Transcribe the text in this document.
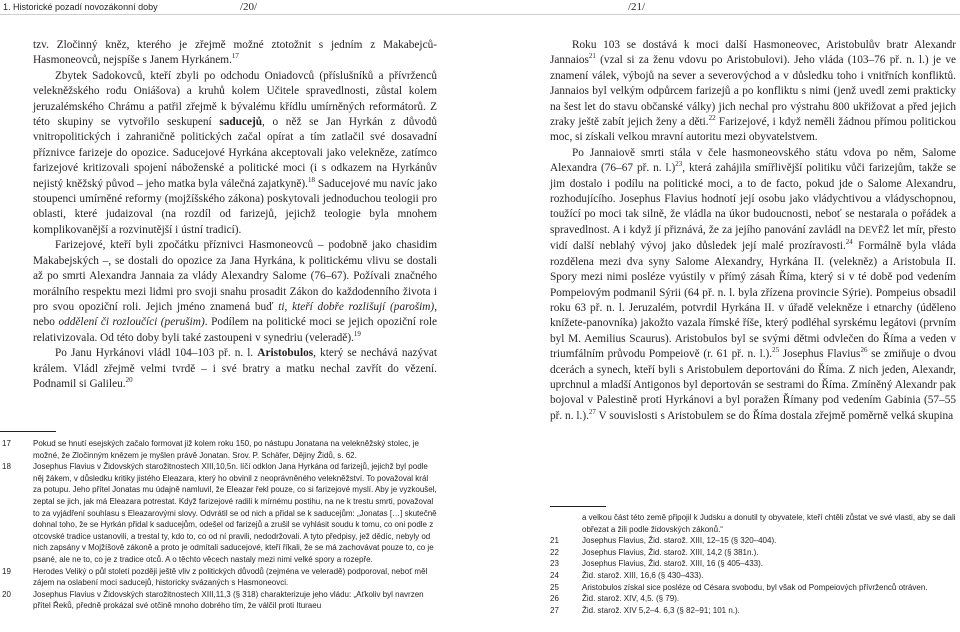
1. Historické pozadí novozákonní doby	/20/	/21/

tzv. Zločinný kněz, kterého je zřejmě možné ztotožnit s jedním z Makabejců-Hasmoneovců, nejspíše s Janem Hyrkánem.$^{17}$

Zbytek Sadokovců, kteří zbyli po odchodu Oniadovců (příslušníků a přívrženců velekněžského rodu Oniášova) a kruhů kolem Učitele spravedlnosti, zůstal kolem jeruzalémského Chrámu a patřil zřejmě k bývalému křídlu umírněných reformátorů. Z této skupiny se vytvořilo seskupení saducejů, o něž se Jan Hyrkán z důvodů vnitropolitických i zahraničně politických začal opírat a tím zatlačil své dosavadní příznivce farizeje do opozice. Saducejové Hyrkána akceptovali jako velekněze, zatímco farizejové kritizovali spojení náboženské a politické moci (i s odkazem na Hyrkánův nejistý kněžský původ – jeho matka byla válečná zajatkyně).$^{18}$ Saducejové mu navíc jako stoupenci umírněné reformy (mojžíšského zákona) poskytovali jednoduchou teologii pro oblasti, které judaizoval (na rozdíl od farizejů, jejichž teologie byla mnohem komplikovanější a rozvinutější i ústní tradicí).

Farizejové, kteří byli zpočátku příznivci Hasmoneovců – podobně jako chasidim Makabejských –, se dostali do opozice za Jana Hyrkána, k politickému vlivu se dostali až po smrti Alexandra Jannaia za vlády Alexandry Salome (76–67). Požívali značného morálního respektu mezi lidmi pro svoji snahu prosadit Zákon do každodenního života i pro svou opoziční roli. Jejich jméno znamená buď ti, kteří dobře rozlišují (parošim), nebo oddělení či rozloučíci (perušim). Podílem na politické moci se jejich opoziční role relativizovala. Od této doby byli také zastoupeni v synedriu (veleradě).$^{19}$

Po Janu Hyrkánovi vládl 104–103 př. n. l. Aristobulos, který se nechává nazývat králem. Vládl zřejmě velmi tvrdě – i své bratry a matku nechal zavřít do vězení. Podnamil si Galileu.$^{20}$

17	Pokud se hnutí esejských začalo formovat již kolem roku 150, po nástupu Jonatana na velekněžský stolec, je možné, že Zločinným knězem je myšlen právě Jonatan. Srov. P. Schäfer, Dějiny Židů, s. 62.
18	Josephus Flavius v Židovských starožitnostech XIII,10,5n. líčí odklon Jana Hyrkána od farizejů, jejichž byl podle něj žákem, v důsledku kritiky jistého Eleazara, který ho obvinil z neoprávněného velekněžství. To považoval král za potupu. Jeho přítel Jonatas mu údajně namluvil, že Eleazar řekl pouze, co si farizejové myslí. Aby je vyzkoušel, zeptal se jich, jak má Eleazara potrestat. Když farizejové radili k mírnému postihu, na ne k trestu smrti, považoval to za vyjádření souhlasu s Eleazarovými slovy. Odvrátil se od nich a přidal se k saducejům: „Jonatas […] skutečně dohnal toho, že se Hyrkán přidal k saducejům, odešel od farizejů a zrušil se vyhlásit soudu k tomu, co oni podle z otcovské tradice ustanovili, a trestal ty, kdo to, co od ní pravili, nedodržovali. A tyto předpisy, jež dědíc, nebyly od nich zapsány v Mojžíšově zákoně a proto je odmítali saducejové, kteří říkali, že se má zachovávat pouze to, co je psané, ale ne to, co je z tradice otců. A o těchto věcech nastaly mezi nimi velké spory a rozepře.
19	Herodes Veliký o půl století později ještě vliv z politických důvodů (zejména ve veleradě) podporoval, neboť měl zájem na oslabení moci saducejů, historicky svázaných s Hasmoneovci.
20	Josephus Flavius v Židovských starožitnostech XIII,11,3 (§ 318) charakterizuje jeho vládu: „Aťkoliv byl navrzen přítel Řeků, předně prokázal své otčině mnoho dobrého tím, že válčil proti Ituraeu

Roku 103 se dostává k moci další Hasmoneovec, Aristobulův bratr Alexandr Jannaios$^{21}$ (vzal si za ženu vdovu po Aristobulovi). Jeho vláda (103–76 př. n. l.) je ve znamení válek, výbojů na sever a severovýchod a v důsledku toho i vnitřních konfliktů. Jannaios byl velkým odpůrcem farizejů a po konfliktu s nimi (jenž uvedl zemi prakticky na šest let do stavu občanské války) jich nechal pro výstrahu 800 ukřižovat a před jejich zraky ještě zabít jejich ženy a děti.$^{22}$ Farizejové, i když neměli žádnou přímou politickou moc, si získali velkou mravní autoritu mezi obyvatelstvem.

Po Jannaiově smrti stála v čele hasmoneovského státu vdova po něm, Salome Alexandra (76–67 př. n. l.)$^{23}$, která zahájila smířlivější politiku vůči farizejům, takže se jim dostalo i podílu na politické moci, a to de facto, pokud jde o Salome Alexandru, rozhodujícího. Josephus Flavius hodnotí její osobu jako vládychtivou a vládyschopnou, toužící po moci tak silně, že vládla na úkor budoucnosti, neboť se nestarala o pořádek a spravedlnost. A i když jí přiznává, že za jejího panování zavládl na DEVĚŽ let mír, přesto vidí další neblahý vývoj jako důsledek její malé prozíravosti.$^{24}$ Formálně byla vláda rozdělena mezi dva syny Salome Alexandry, Hyrkána II. (velekněz) a Aristobula II. Spory mezi nimi posléze vyústily v přímý zásah Říma, který si v té době pod vedením Pompeiovým podmanil Sýrii (64 př. n. l. byla zřízena provincie Sýrie). Pompeius obsadil roku 63 př. n. l. Jeruzalém, potvrdil Hyrkána II. v úřadě velekněze i etnarchy (úděleno knížete-panovníka) jakožto vazala římské říše, který podléhal syrskému legátovi (prvním byl M. Aemilius Scaurus). Aristobulos byl se svými dětmi odvlečen do Říma a veden v triumfálním průvodu Pompeiově (r. 61 př. n. l.).$^{25}$ Josephus Flavius$^{26}$ se zmiňuje o dvou dcerách a synech, kteří byli s Aristobulem deportováni do Říma. Z nich jeden, Alexandr, uprchnul a mladší Antigonos byl deportován se sestrami do Říma. Zmíněný Alexandr pak bojoval v Palestině proti Hyrkánovi a byl poražen Římany pod vedením Gabinia (57–55 př. n. l.).$^{27}$ V souvislosti s Aristobulem se do Říma dostala zřejmě poměrně velká skupina

a velkou část této země připojil k Judsku a donutil ty obyvatele, kteří chtěli zůstat ve své vlasti, aby se dali obřezat a žili podle židovských zákonů.“
21	Josephus Flavius, Žid. starož. XIII, 12–15 (§ 320–404).
22	Josephus Flavius, Žid. starož. XIII, 14,2 (§ 381n.).
23	Josephus Flavius, Žid. starož. XIII, 16 (§ 405–433).
24	Žid. starož. XIII, 16,6 (§ 430–433).
25	Aristobulos získal sice posléze od Césara svobodu, byl však od Pompeiových přívrženců otráven.
26	Žid. starož. XIV, 4,5. (§ 79).
27	Žid. starož. XIV 5,2–4. 6,3 (§ 82–91; 101 n.).
